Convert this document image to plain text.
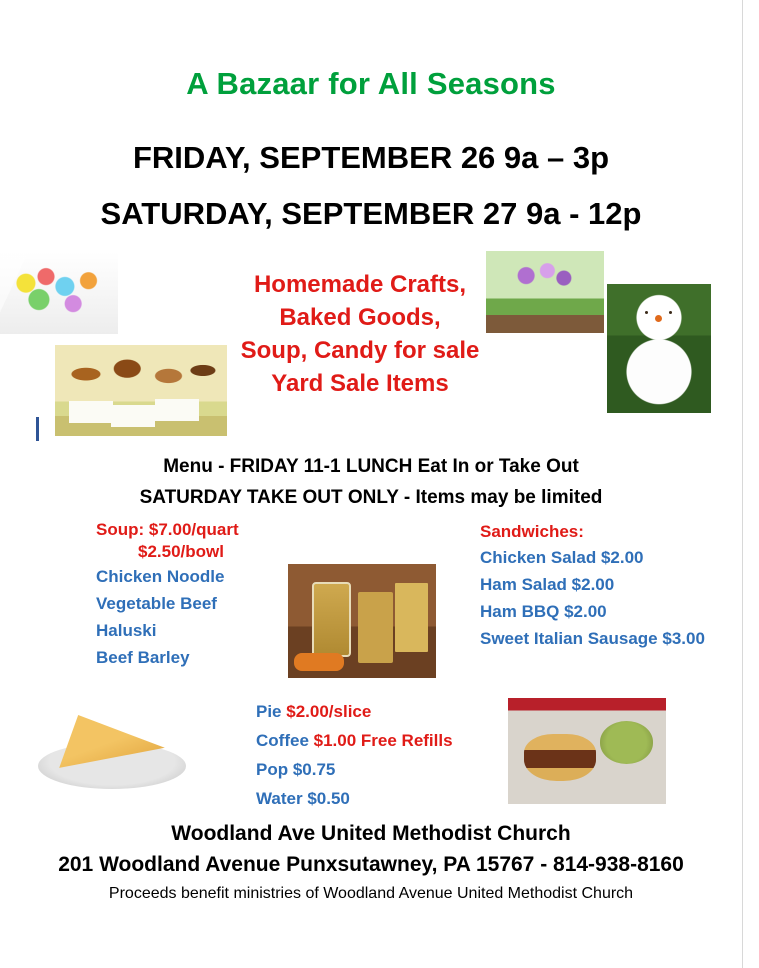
A Bazaar for All Seasons
FRIDAY, SEPTEMBER 26 9a – 3p
SATURDAY, SEPTEMBER 27 9a - 12p
Homemade Crafts,
Baked Goods,
Soup, Candy for sale
Yard Sale Items
Menu - FRIDAY 11-1 LUNCH Eat In or Take Out
SATURDAY TAKE OUT ONLY - Items may be limited
Soup: $7.00/quart
$2.50/bowl
Chicken Noodle
Vegetable Beef
Haluski
Beef Barley
Sandwiches:
Chicken Salad $2.00
Ham Salad $2.00
Ham BBQ $2.00
Sweet Italian Sausage $3.00
Pie $2.00/slice
Coffee $1.00 Free Refills
Pop $0.75
Water $0.50
Woodland Ave United Methodist Church
201 Woodland Avenue Punxsutawney, PA 15767 - 814-938-8160
Proceeds benefit ministries of Woodland Avenue United Methodist Church
